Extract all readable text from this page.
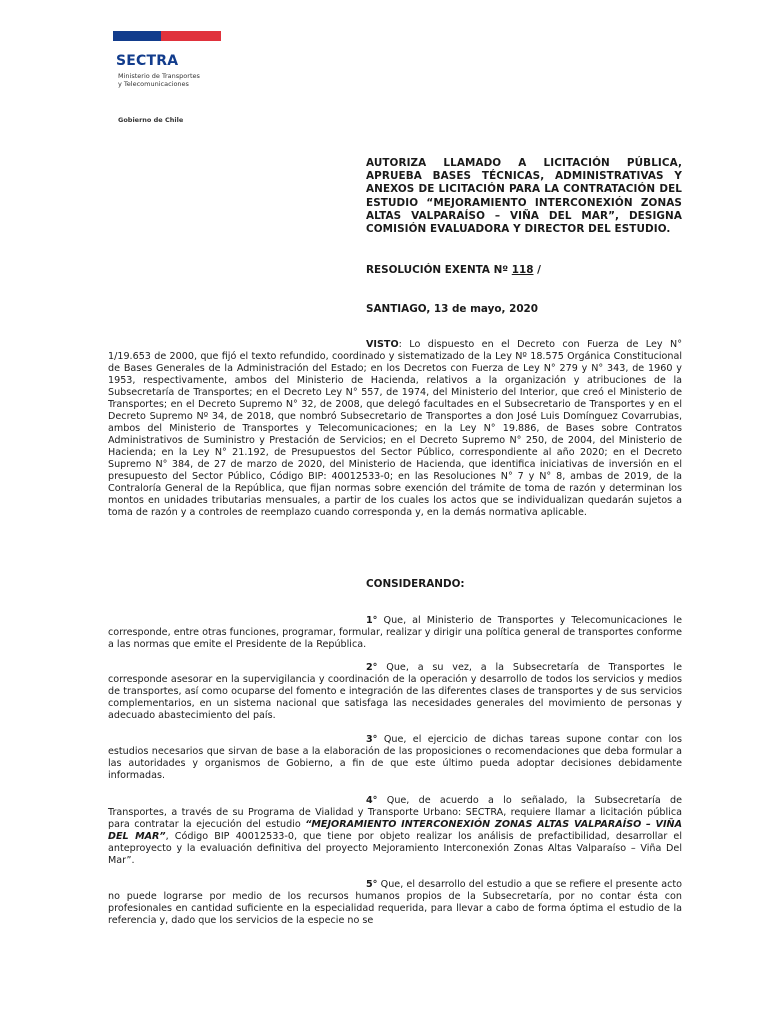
SECTRA
Ministerio de Transportes
y Telecomunicaciones
Gobierno de Chile
AUTORIZA LLAMADO A LICITACIÓN PÚBLICA, APRUEBA BASES TÉCNICAS, ADMINISTRATIVAS Y ANEXOS DE LICITACIÓN PARA LA CONTRATACIÓN DEL ESTUDIO “MEJORAMIENTO INTERCONEXIÓN ZONAS ALTAS VALPARAÍSO – VIÑA DEL MAR”, DESIGNA COMISIÓN EVALUADORA Y DIRECTOR DEL ESTUDIO.
RESOLUCIÓN EXENTA Nº 118 /
SANTIAGO, 13 de mayo, 2020

VISTO: Lo dispuesto en el Decreto con Fuerza de Ley N° 1/19.653 de 2000, que fijó el texto refundido, coordinado y sistematizado de la Ley Nº 18.575 Orgánica Constitucional de Bases Generales de la Administración del Estado; en los Decretos con Fuerza de Ley N° 279 y N° 343, de 1960 y 1953, respectivamente, ambos del Ministerio de Hacienda, relativos a la organización y atribuciones de la Subsecretaría de Transportes; en el Decreto Ley N° 557, de 1974, del Ministerio del Interior, que creó el Ministerio de Transportes; en el Decreto Supremo N° 32, de 2008, que delegó facultades en el Subsecretario de Transportes y en el Decreto Supremo Nº 34, de 2018, que nombró Subsecretario de Transportes a don José Luis Domínguez Covarrubias, ambos del Ministerio de Transportes y Telecomunicaciones; en la Ley N° 19.886, de Bases sobre Contratos Administrativos de Suministro y Prestación de Servicios; en el Decreto Supremo N° 250, de 2004, del Ministerio de Hacienda; en la Ley N° 21.192, de Presupuestos del Sector Público, correspondiente al año 2020; en el Decreto Supremo N° 384, de 27 de marzo de 2020, del Ministerio de Hacienda, que identifica iniciativas de inversión en el presupuesto del Sector Público, Código BIP: 40012533-0; en las Resoluciones N° 7 y N° 8, ambas de 2019, de la Contraloría General de la República, que fijan normas sobre exención del trámite de toma de razón y determinan los montos en unidades tributarias mensuales, a partir de los cuales los actos que se individualizan quedarán sujetos a toma de razón y a controles de reemplazo cuando corresponda y, en la demás normativa aplicable.

CONSIDERANDO:

1° Que, al Ministerio de Transportes y Telecomunicaciones le corresponde, entre otras funciones, programar, formular, realizar y dirigir una política general de transportes conforme a las normas que emite el Presidente de la República.

2° Que, a su vez, a la Subsecretaría de Transportes le corresponde asesorar en la supervigilancia y coordinación de la operación y desarrollo de todos los servicios y medios de transportes, así como ocuparse del fomento e integración de las diferentes clases de transportes y de sus servicios complementarios, en un sistema nacional que satisfaga las necesidades generales del movimiento de personas y adecuado abastecimiento del país.

3° Que, el ejercicio de dichas tareas supone contar con los estudios necesarios que sirvan de base a la elaboración de las proposiciones o recomendaciones que deba formular a las autoridades y organismos de Gobierno, a fin de que este último pueda adoptar decisiones debidamente informadas.

4° Que, de acuerdo a lo señalado, la Subsecretaría de Transportes, a través de su Programa de Vialidad y Transporte Urbano: SECTRA, requiere llamar a licitación pública para contratar la ejecución del estudio “MEJORAMIENTO INTERCONEXIÓN ZONAS ALTAS VALPARAÍSO – VIÑA DEL MAR”, Código BIP 40012533-0, que tiene por objeto realizar los análisis de prefactibilidad, desarrollar el anteproyecto y la evaluación definitiva del proyecto Mejoramiento Interconexión Zonas Altas Valparaíso – Viña Del Mar”.

5° Que, el desarrollo del estudio a que se refiere el presente acto no puede lograrse por medio de los recursos humanos propios de la Subsecretaría, por no contar ésta con profesionales en cantidad suficiente en la especialidad requerida, para llevar a cabo de forma óptima el estudio de la referencia y, dado que los servicios de la especie no se
